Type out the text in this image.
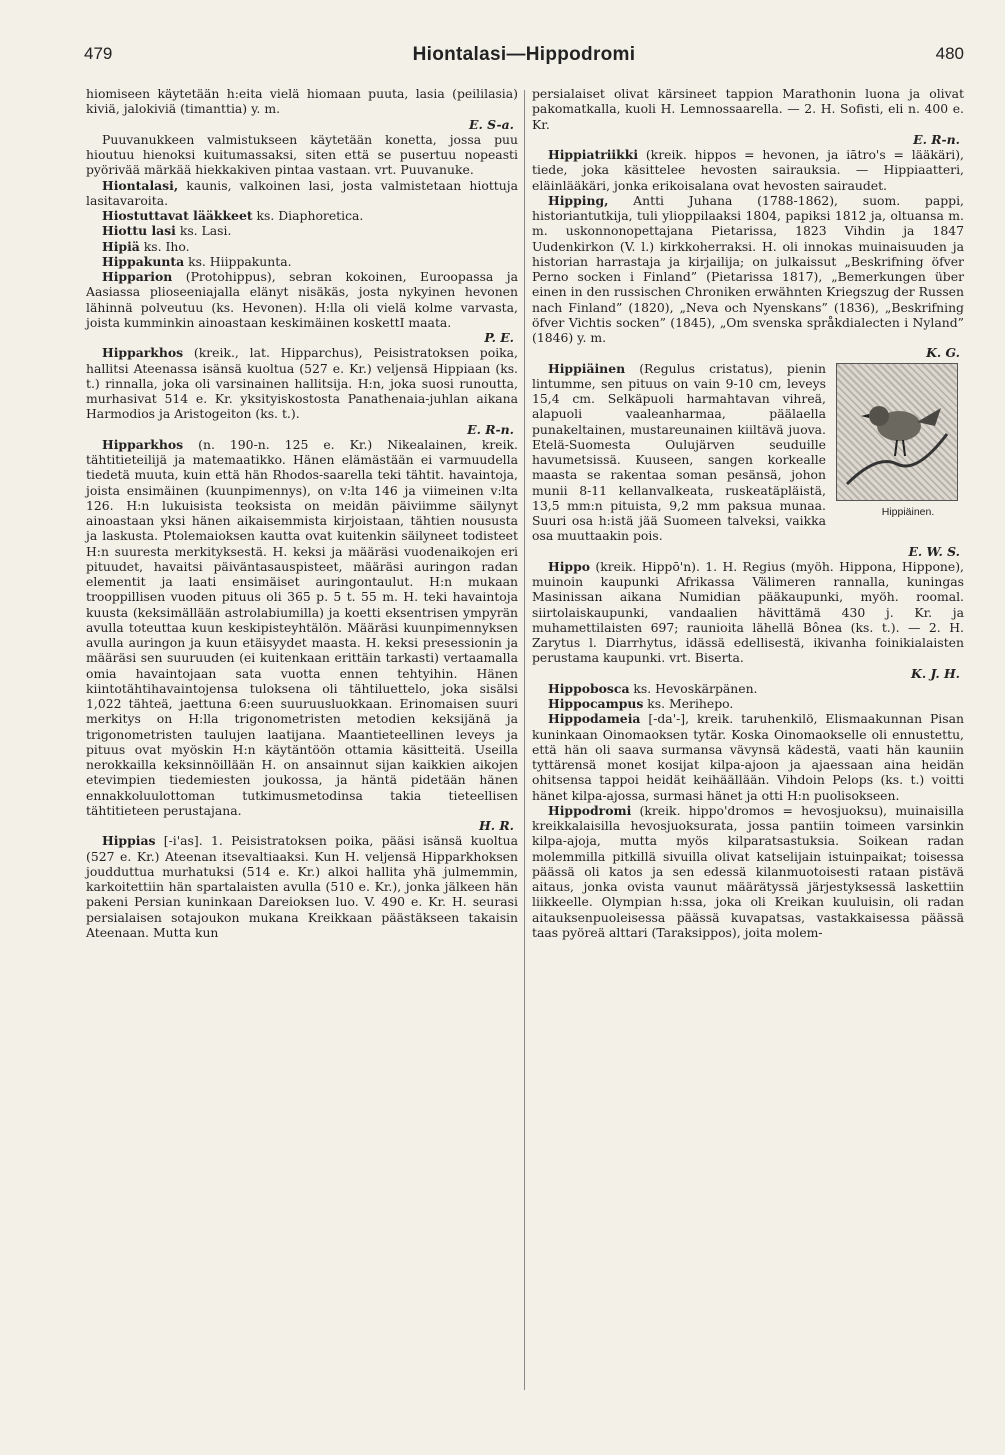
479	Hiontalasi—Hippodromi	480

hiomiseen käytetään h:eita vielä hiomaan puuta, lasia (peililasia) kiviä, jalokiviä (timanttia) y. m.

E. S-a.

Puuvanukkeen valmistukseen käytetään konetta, jossa puu hioutuu hienoksi kuitumassaksi, siten että se pusertuu nopeasti pyörivää märkää hiekkakiven pintaa vastaan. vrt. Puuvanuke.

Hiontalasi, kaunis, valkoinen lasi, josta valmistetaan hiottuja lasitavaroita.

Hiostuttavat lääkkeet ks. Diaphoretica.

Hiottu lasi ks. Lasi.

Hipiä ks. Iho.

Hippakunta ks. Hiippakunta.

Hipparion (Protohippus), sebran kokoinen, Euroopassa ja Aasiassa plioseeniajalla elänyt nisäkäs, josta nykyinen hevonen lähinnä polveutuu (ks. Hevonen). H:lla oli vielä kolme varvasta, joista kumminkin ainoastaan keskimäinen koskettI maata.

P. E.

Hipparkhos (kreik., lat. Hipparchus), Peisistratoksen poika, hallitsi Ateenassa isänsä kuoltua (527 e. Kr.) veljensä Hippiaan (ks. t.) rinnalla, joka oli varsinainen hallitsija. H:n, joka suosi runoutta, murhasivat 514 e. Kr. yksityiskostosta Panathenaia-juhlan aikana Harmodios ja Aristogeiton (ks. t.).

E. R-n.

Hipparkhos (n. 190-n. 125 e. Kr.) Nikealainen, kreik. tähtitieteilijä ja matemaatikko. Hänen elämästään ei varmuudella tiedetä muuta, kuin että hän Rhodos-saarella teki tähtit. havaintoja, joista ensimäinen (kuunpimennys), on v:lta 146 ja viimeinen v:lta 126. H:n lukuisista teoksista on meidän päiviimme säilynyt ainoastaan yksi hänen aikaisemmista kirjoistaan, tähtien noususta ja laskusta. Ptolemaioksen kautta ovat kuitenkin säilyneet todisteet H:n suuresta merkityksestä. H. keksi ja määräsi vuodenaikojen eri pituudet, havaitsi päiväntasauspisteet, määräsi auringon radan elementit ja laati ensimäiset auringontaulut. H:n mukaan trooppillisen vuoden pituus oli 365 p. 5 t. 55 m. H. teki havaintoja kuusta (keksimällään astrolabiumilla) ja koetti eksentrisen ympyrän avulla toteuttaa kuun keskipisteyhtälön. Määräsi kuunpimennyksen avulla auringon ja kuun etäisyydet maasta. H. keksi presessionin ja määräsi sen suuruuden (ei kuitenkaan erittäin tarkasti) vertaamalla omia havaintojaan satа vuotta ennen tehtyihin. Hänen kiintotähtihavaintojensa tuloksena oli tähtiluettelo, joka sisälsi 1,022 tähteä, jaettuna 6:een suuruusluokkaan. Erinomaisen suuri merkitys on H:lla trigonometristen metodien keksijänä ja trigonometristen taulujen laatijana. Maantieteellinen leveys ja pituus ovat myöskin H:n käytäntöön ottamia käsitteitä. Useilla nerokkailla keksinnöillään H. on ansainnut sijan kaikkien aikojen etevimpien tiedemiesten joukossa, ja häntä pidetään hänen ennakkoluulottoman tutkimusmetodinsa takia tieteellisen tähtitieteen perustajana.

H. R.

Hippias [-i'as]. 1. Peisistratoksen poika, pääsi isänsä kuoltua (527 e. Kr.) Ateenan itsevaltiaaksi. Kun H. veljensä Hipparkhoksen joudduttua murhatuksi (514 e. Kr.) alkoi hallita yhä julmemmin, karkoitettiin hän spartalaisten avulla (510 e. Kr.), jonka jälkeen hän pakeni Persian kuninkaan Dareioksen luo. V. 490 e. Kr. H. seurasi persialaisen sotajoukon mukana Kreikkaan päästäkseen takaisin Ateenaan. Mutta kun

persialaiset olivat kärsineet tappion Marathonin luona ja olivat pakomatkalla, kuoli H. Lemnossaarella. — 2. H. Sofisti, eli n. 400 e. Kr.

E. R-n.

Hippiatriikki (kreik. hippos = hevonen, ja iātro's = lääkäri), tiede, joka käsittelee hevosten sairauksia. — Hippiaatteri, eläinlääkäri, jonka erikoisalana ovat hevosten sairaudet.

Hipping, Antti Juhana (1788-1862), suom. pappi, historiantutkija, tuli ylioppilaaksi 1804, papiksi 1812 ja, oltuansa m. m. uskonnonopettajana Pietarissa, 1823 Vihdin ja 1847 Uudenkirkon (V. l.) kirkkoherraksi. H. oli innokas muinaisuuden ja historian harrastaja ja kirjailija; on julkaissut „Beskrifning öfver Perno socken i Finland” (Pietarissa 1817), „Bemerkungen über einen in den russischen Chroniken erwähnten Kriegszug der Russen nach Finland” (1820), „Neva och Nyenskans” (1836), „Beskrifning öfver Vichtis socken” (1845), „Om svenska språkdialecten i Nyland” (1846) y. m.

K. G.

Hippiäinen.
Hippiäinen (Regulus cristatus), pienin lintumme, sen pituus on vain 9-10 cm, leveys 15,4 cm. Selkäpuoli harmahtavan vihreä, alapuoli vaaleanharmaa, päälaella punakeltainen, mustareunainen kiiltävä juova. Etelä-Suomesta Oulujärven seuduille havumetsissä. Kuuseen, sangen korkealle maasta se rakentaa soman pesänsä, johon munii 8-11 kellanvalkeata, ruskeatäpläistä, 13,5 mm:n pituista, 9,2 mm paksua munaa. Suuri osa h:istä jää Suomeen talveksi, vaikka osa muuttaakin pois.

E. W. S.

Hippo (kreik. Hippō'n). 1. H. Regius (myöh. Hippona, Hippone), muinoin kaupunki Afrikassa Välimeren rannalla, kuningas Masinissan aikana Numidian pääkaupunki, myöh. roomal. siirtolaiskaupunki, vandaalien hävittämä 430 j. Kr. ja muhamettilaisten 697; raunioita lähellä Bônea (ks. t.). — 2. H. Zarytus l. Diarrhytus, idässä edellisestä, ikivanha foinikialaisten perustama kaupunki. vrt. Biserta.

K. J. H.

Hippobosca ks. Hevoskärpänen.

Hippocampus ks. Merihepo.

Hippodameia [-da'-], kreik. taruhenkilö, Elismaakunnan Pisan kuninkaan Oinomaoksen tytär. Koska Oinomaokselle oli ennustettu, että hän oli saava surmansa vävynsä kädestä, vaati hän kauniin tyttärensä monet kosijat kilpa-ajoon ja ajaessaan aina heidän ohitsensa tappoi heidät keihäällään. Vihdoin Pelops (ks. t.) voitti hänet kilpa-ajossa, surmasi hänet ja otti H:n puolisokseen.

Hippodromi (kreik. hippo'dromos = hevosjuoksu), muinaisilla kreikkalaisilla hevosjuoksurata, jossa pantiin toimeen varsinkin kilpa-ajoja, mutta myös kilparatsastuksia. Soikean radan molemmilla pitkillä sivuilla olivat katselijain istuinpaikat; toisessa päässä oli katos ja sen edessä kilanmuotoisesti rataan pistävä aitaus, jonka ovista vaunut määrätyssä järjestyksessä laskettiin liikkeelle. Olympian h:ssa, joka oli Kreikan kuuluisin, oli radan aitauksenpuoleisessa päässä kuvapatsas, vastakkaisessa päässä taas pyöreä alttari (Taraksippos), joita molem-
